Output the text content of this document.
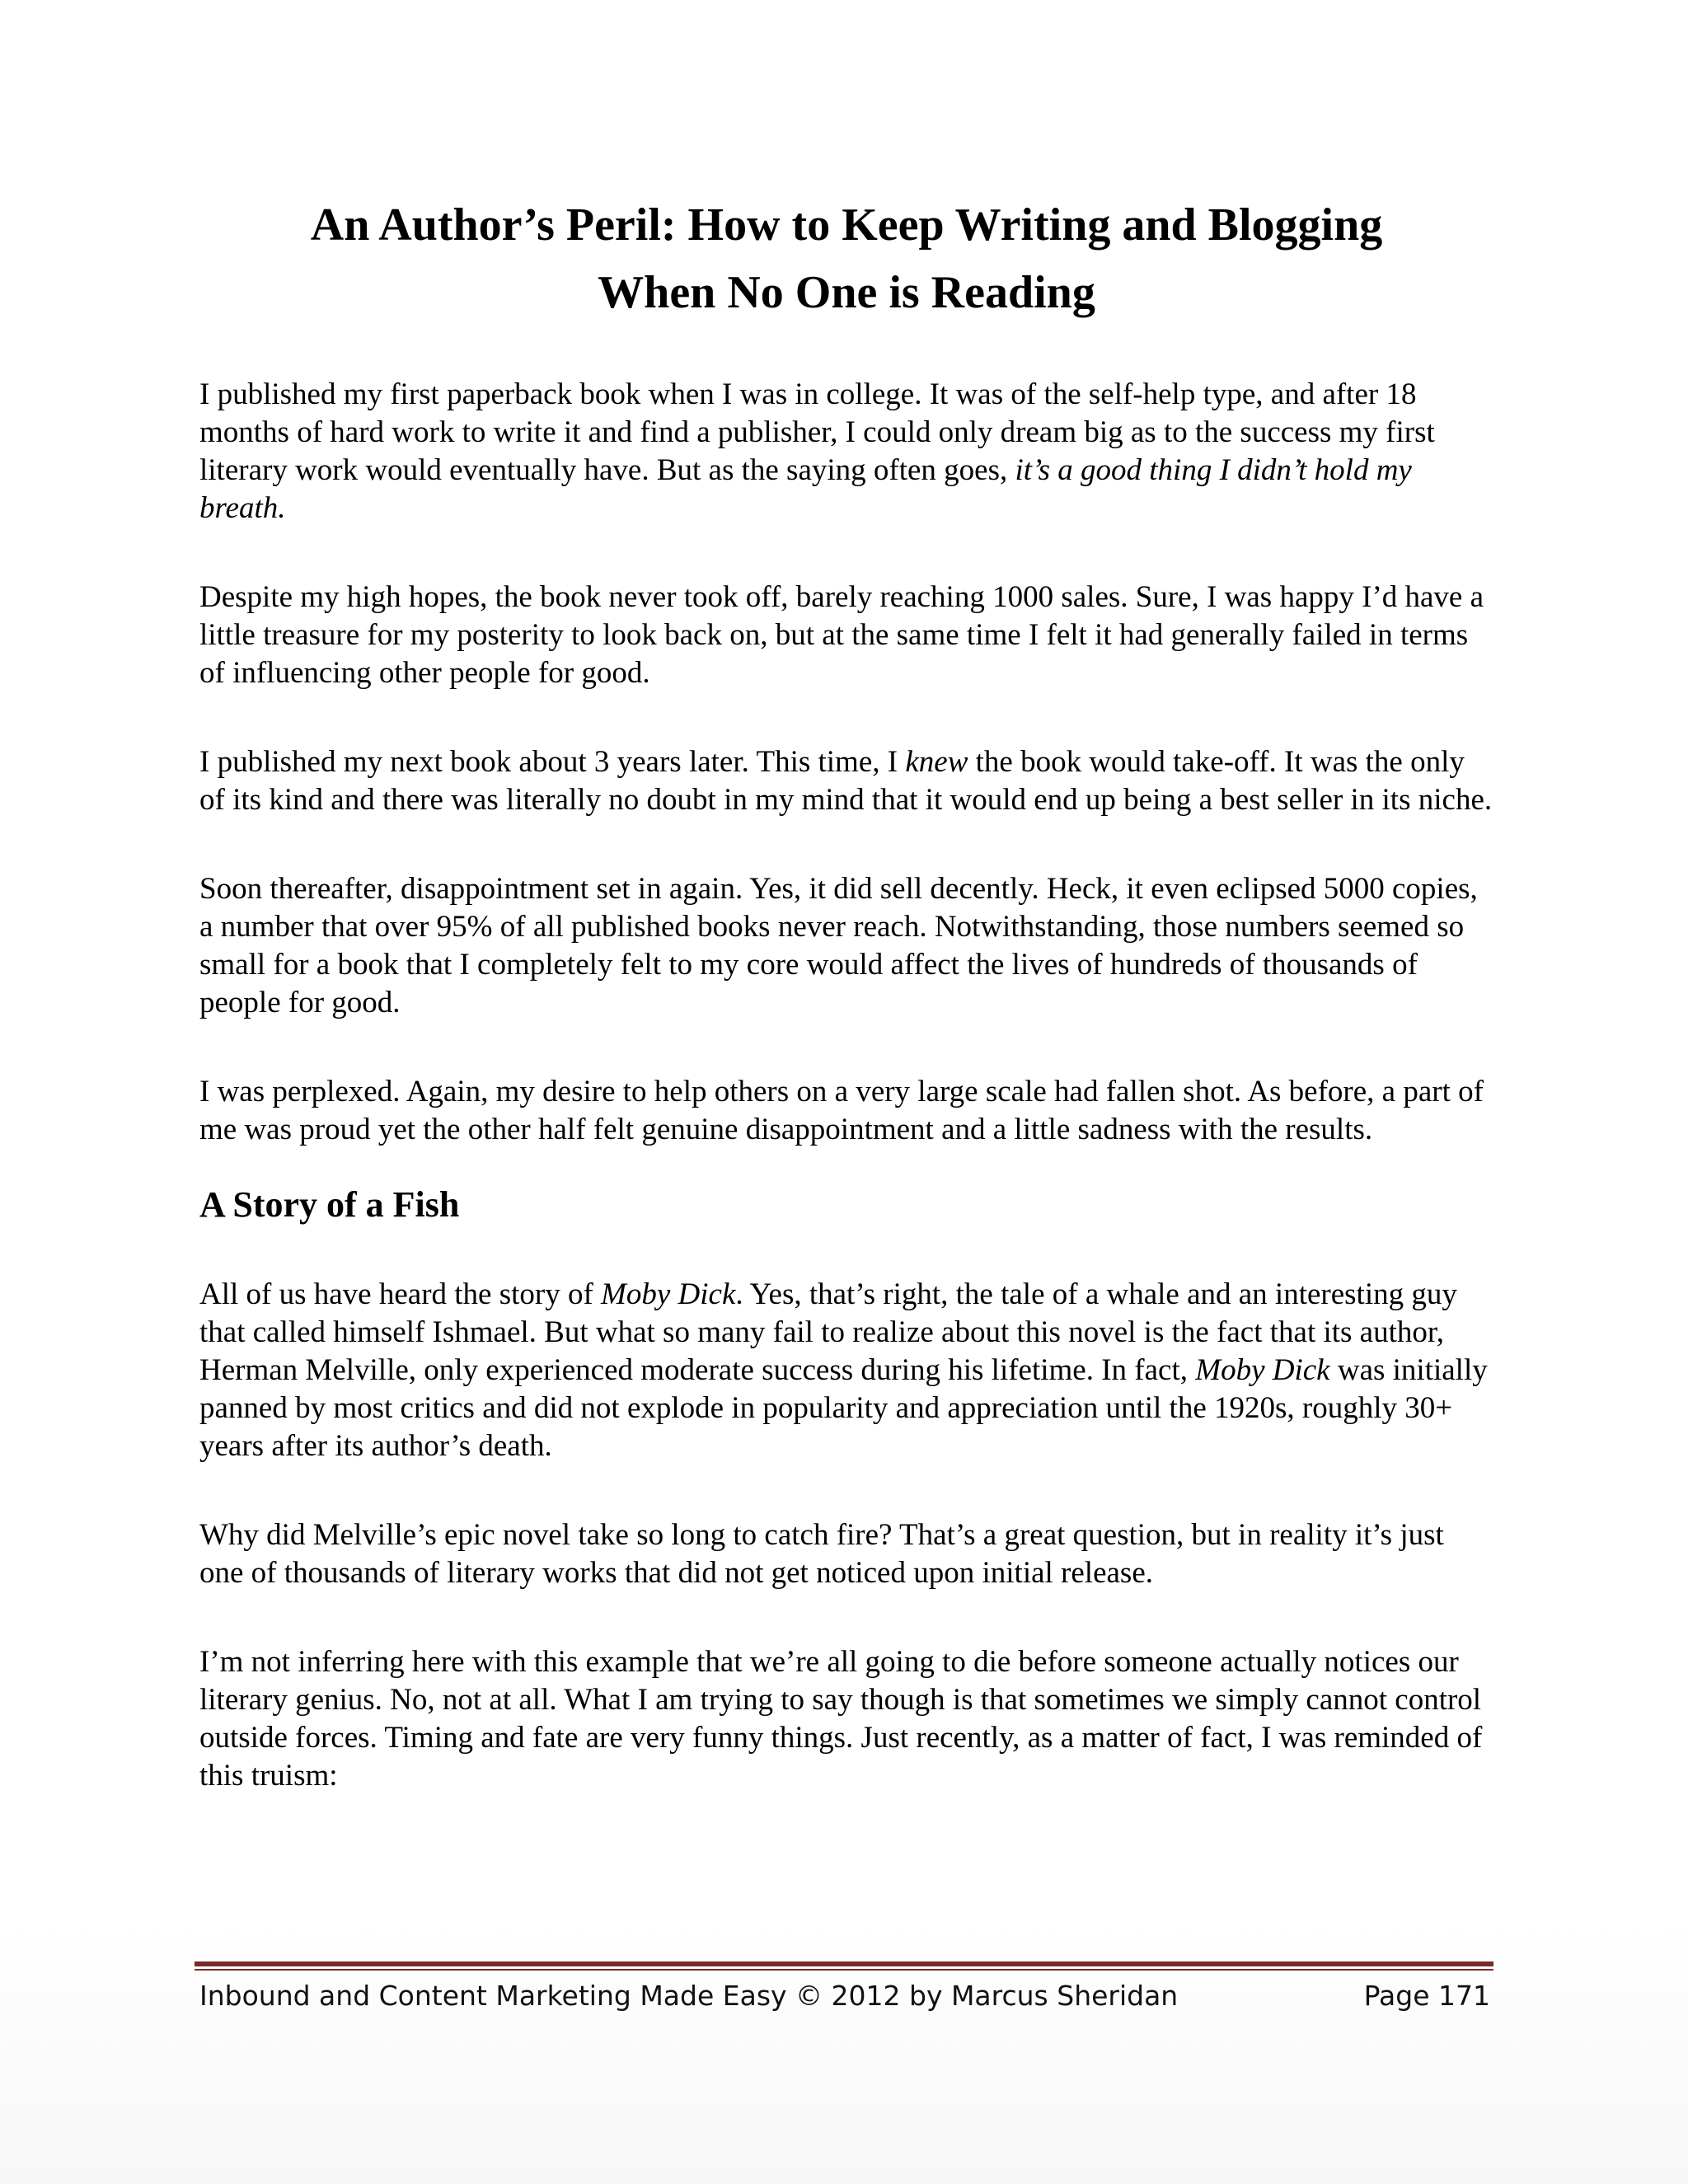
An Author’s Peril: How to Keep Writing and Blogging
When No One is Reading

I published my first paperback book when I was in college. It was of the self-help type, and after 18 months of hard work to write it and find a publisher, I could only dream big as to the success my first literary work would eventually have. But as the saying often goes, it’s a good thing I didn’t hold my breath.

Despite my high hopes, the book never took off, barely reaching 1000 sales. Sure, I was happy I’d have a little treasure for my posterity to look back on, but at the same time I felt it had generally failed in terms of influencing other people for good.

I published my next book about 3 years later. This time, I knew the book would take-off. It was the only of its kind and there was literally no doubt in my mind that it would end up being a best seller in its niche.

Soon thereafter, disappointment set in again. Yes, it did sell decently. Heck, it even eclipsed 5000 copies, a number that over 95% of all published books never reach. Notwithstanding, those numbers seemed so small for a book that I completely felt to my core would affect the lives of hundreds of thousands of people for good.

I was perplexed. Again, my desire to help others on a very large scale had fallen shot. As before, a part of me was proud yet the other half felt genuine disappointment and a little sadness with the results.

A Story of a Fish

All of us have heard the story of Moby Dick. Yes, that’s right, the tale of a whale and an interesting guy that called himself Ishmael. But what so many fail to realize about this novel is the fact that its author, Herman Melville, only experienced moderate success during his lifetime. In fact, Moby Dick was initially panned by most critics and did not explode in popularity and appreciation until the 1920s, roughly 30+ years after its author’s death.

Why did Melville’s epic novel take so long to catch fire? That’s a great question, but in reality it’s just one of thousands of literary works that did not get noticed upon initial release.

I’m not inferring here with this example that we’re all going to die before someone actually notices our literary genius. No, not at all. What I am trying to say though is that sometimes we simply cannot control outside forces. Timing and fate are very funny things. Just recently, as a matter of fact, I was reminded of this truism:

Inbound and Content Marketing Made Easy © 2012 by Marcus Sheridan	Page 171
